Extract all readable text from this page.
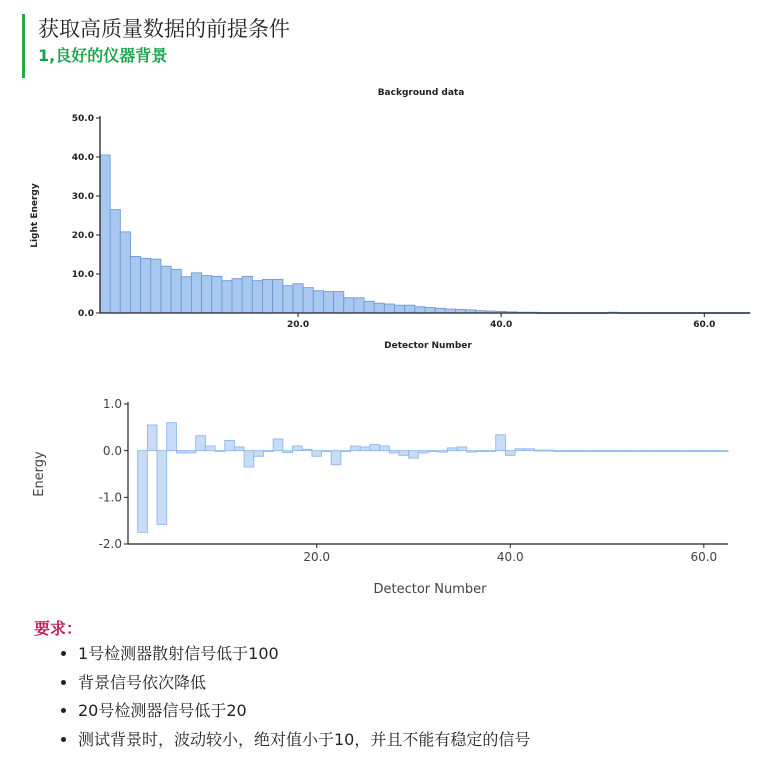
获取高质量数据的前提条件
1,良好的仪器背景
Background data
0.0
10.0
20.0
30.0
40.0
50.0
20.0	40.0	60.0
Detector Number
Light Energy
-2.0
-1.0
0.0
1.0
20.0	40.0	60.0
Detector Number
Energy
要求：
• 1号检测器散射信号低于100
• 背景信号依次降低
• 20号检测器信号低于20
• 测试背景时，波动较小，绝对值小于10，并且不能有稳定的信号
